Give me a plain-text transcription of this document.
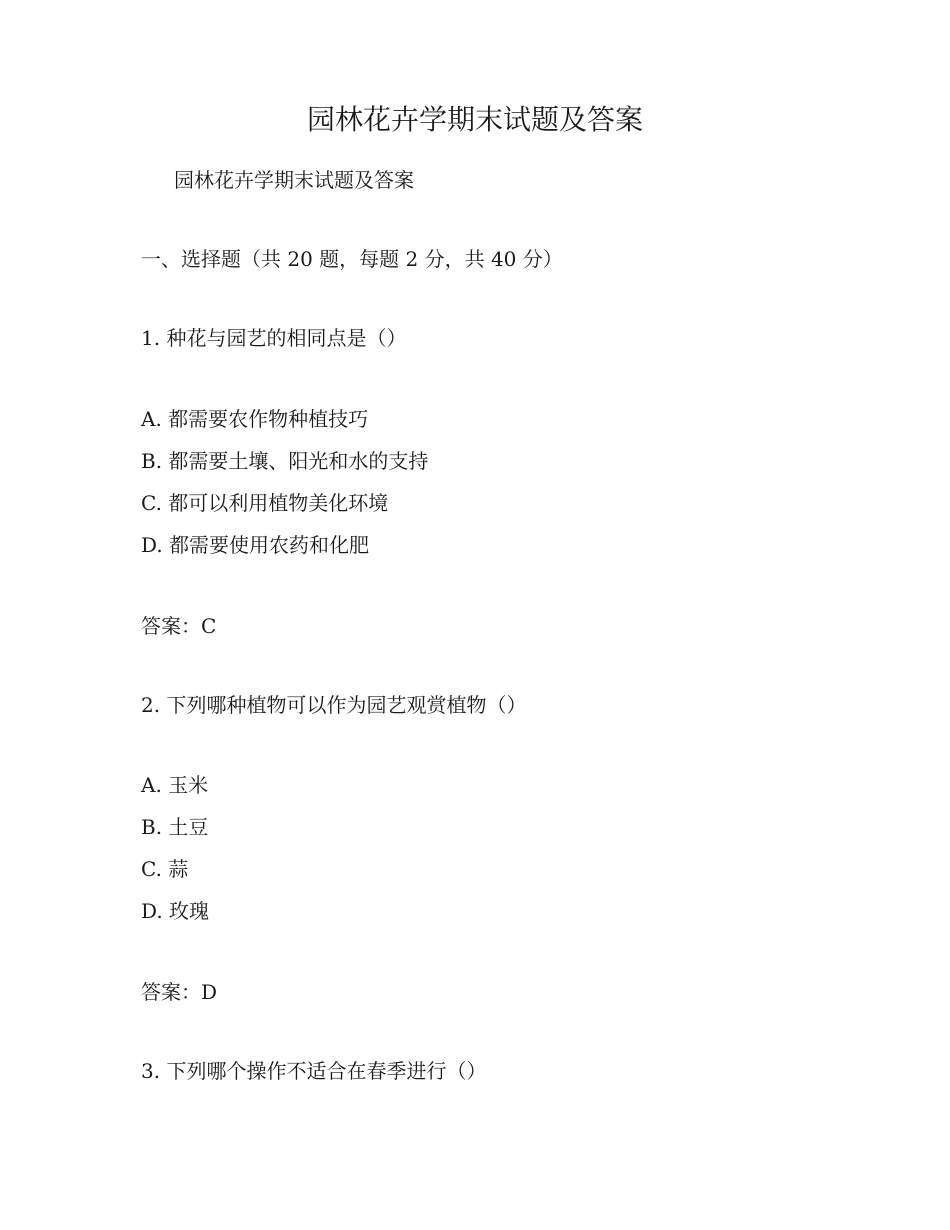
园林花卉学期末试题及答案
园林花卉学期末试题及答案
一、选择题（共 20 题，每题 2 分，共 40 分）
1. 种花与园艺的相同点是（）
A. 都需要农作物种植技巧
B. 都需要土壤、阳光和水的支持
C. 都可以利用植物美化环境
D. 都需要使用农药和化肥
答案：C
2. 下列哪种植物可以作为园艺观赏植物（）
A. 玉米
B. 土豆
C. 蒜
D. 玫瑰
答案：D
3. 下列哪个操作不适合在春季进行（）
